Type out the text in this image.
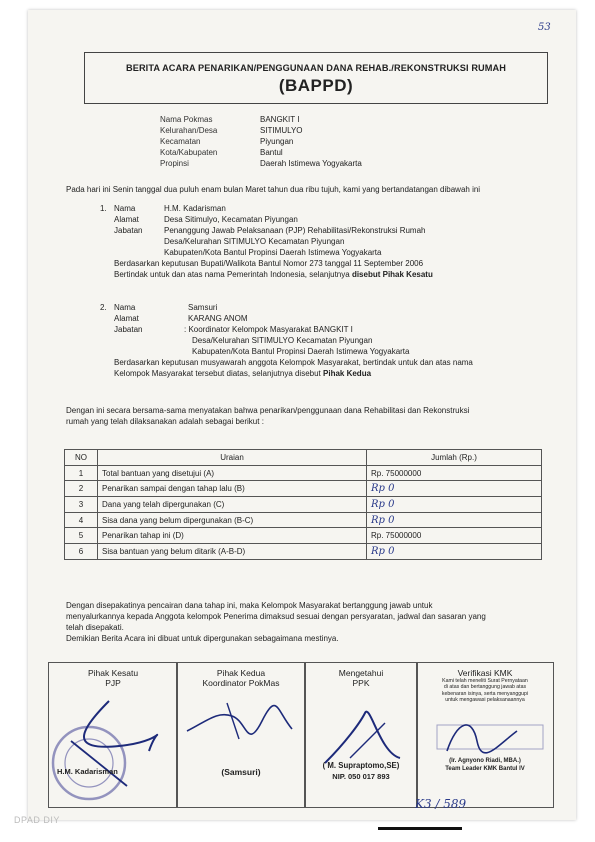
53
BERITA ACARA PENARIKAN/PENGGUNAAN DANA REHAB./REKONSTRUKSI RUMAH
(BAPPD)
Nama Pokmas	BANGKIT I
Kelurahan/Desa	SITIMULYO
Kecamatan	Piyungan
Kota/Kabupaten	Bantul
Propinsi	Daerah Istimewa Yogyakarta
Pada hari ini Senin tanggal dua puluh enam bulan Maret tahun dua ribu tujuh, kami yang bertandatangan dibawah ini
1. Nama	H.M. Kadarisman
Alamat	Desa Sitimulyo, Kecamatan Piyungan
Jabatan	Penanggung Jawab Pelaksanaan (PJP) Rehabilitasi/Rekonstruksi Rumah
Desa/Kelurahan SITIMULYO Kecamatan Piyungan
Kabupaten/Kota Bantul Propinsi Daerah Istimewa Yogyakarta
Berdasarkan keputusan Bupati/Walikota Bantul Nomor 273 tanggal 11 September 2006
Bertindak untuk dan atas nama Pemerintah Indonesia, selanjutnya disebut Pihak Kesatu
2. Nama	Samsuri
Alamat	KARANG ANOM
Jabatan	: Koordinator Kelompok Masyarakat BANGKIT I
Desa/Kelurahan SITIMULYO Kecamatan Piyungan
Kabupaten/Kota Bantul Propinsi Daerah Istimewa Yogyakarta
Berdasarkan keputusan musyawarah anggota Kelompok Masyarakat, bertindak untuk dan atas nama
Kelompok Masyarakat tersebut diatas, selanjutnya disebut Pihak Kedua
Dengan ini secara bersama-sama menyatakan bahwa penarikan/penggunaan dana Rehabilitasi dan Rekonstruksi
rumah yang telah dilaksanakan adalah sebagai berikut :
NO	Uraian	Jumlah (Rp.)
1	Total bantuan yang disetujui (A)	Rp. 75000000
2	Penarikan sampai dengan tahap lalu (B)	Rp 0
3	Dana yang telah dipergunakan (C)	Rp 0
4	Sisa dana yang belum dipergunakan (B-C)	Rp 0
5	Penarikan tahap ini (D)	Rp. 75000000
6	Sisa bantuan yang belum ditarik (A-B-D)	Rp 0
Dengan disepakatinya pencairan dana tahap ini, maka Kelompok Masyarakat bertanggung jawab untuk
menyalurkannya kepada Anggota kelompok Penerima dimaksud sesuai dengan persyaratan, jadwal dan sasaran yang
telah disepakati.
Demikian Berita Acara ini dibuat untuk dipergunakan sebagaimana mestinya.
Pihak Kesatu
PJP
H.M. Kadarisman
Pihak Kedua
Koordinator PokMas
(Samsuri)
Mengetahui
PPK
( M. Supraptomo,SE)
NIP. 050 017 893
Verifikasi KMK
Kami telah meneliti Surat Pernyataan
di atas dan bertanggung jawab atas
kebenaran isinya, serta menyanggupi
untuk mengawasi pelaksanaannya
(Ir. Agnyono Riadi, MBA.)
Team Leader KMK Bantul IV
K3 / 589
DPAD DIY
